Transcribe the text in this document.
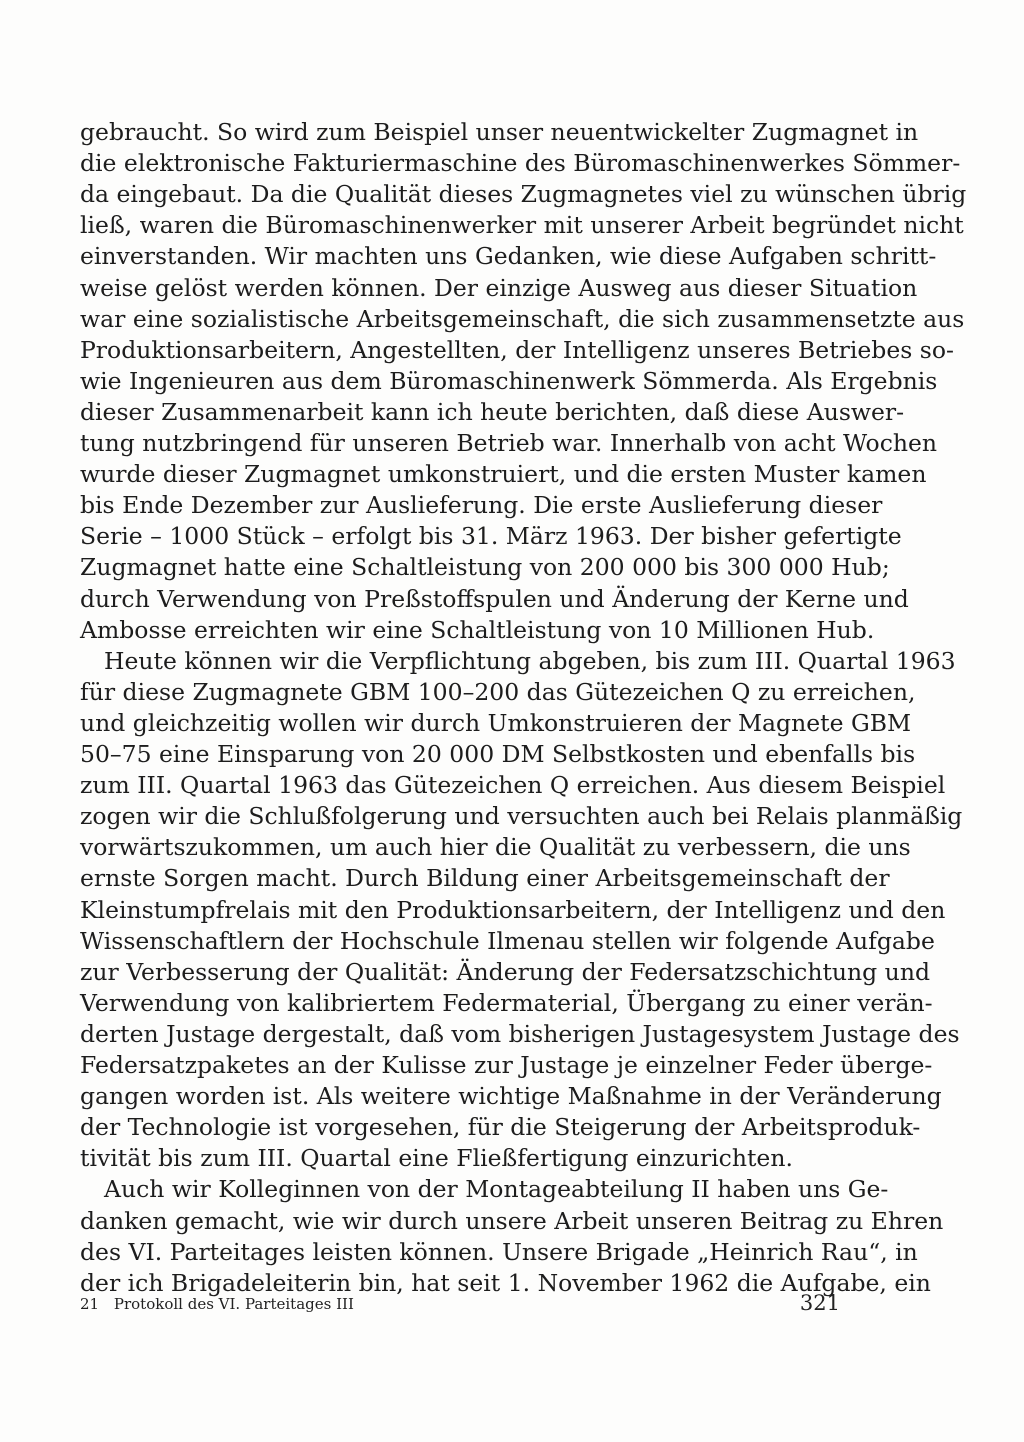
gebraucht. So wird zum Beispiel unser neuentwickelter Zugmagnet in
die elektronische Fakturiermaschine des Büromaschinenwerkes Sömmer-
da eingebaut. Da die Qualität dieses Zugmagnetes viel zu wünschen übrig
ließ, waren die Büromaschinenwerker mit unserer Arbeit begründet nicht
einverstanden. Wir machten uns Gedanken, wie diese Aufgaben schritt-
weise gelöst werden können. Der einzige Ausweg aus dieser Situation
war eine sozialistische Arbeitsgemeinschaft, die sich zusammensetzte aus
Produktionsarbeitern, Angestellten, der Intelligenz unseres Betriebes so-
wie Ingenieuren aus dem Büromaschinenwerk Sömmerda. Als Ergebnis
dieser Zusammenarbeit kann ich heute berichten, daß diese Auswer-
tung nutzbringend für unseren Betrieb war. Innerhalb von acht Wochen
wurde dieser Zugmagnet umkonstruiert, und die ersten Muster kamen
bis Ende Dezember zur Auslieferung. Die erste Auslieferung dieser
Serie – 1000 Stück – erfolgt bis 31. März 1963. Der bisher gefertigte
Zugmagnet hatte eine Schaltleistung von 200 000 bis 300 000 Hub;
durch Verwendung von Preßstoffspulen und Änderung der Kerne und
Ambosse erreichten wir eine Schaltleistung von 10 Millionen Hub.
Heute können wir die Verpflichtung abgeben, bis zum III. Quartal 1963
für diese Zugmagnete GBM 100–200 das Gütezeichen Q zu erreichen,
und gleichzeitig wollen wir durch Umkonstruieren der Magnete GBM
50–75 eine Einsparung von 20 000 DM Selbstkosten und ebenfalls bis
zum III. Quartal 1963 das Gütezeichen Q erreichen. Aus diesem Beispiel
zogen wir die Schlußfolgerung und versuchten auch bei Relais planmäßig
vorwärtszukommen, um auch hier die Qualität zu verbessern, die uns
ernste Sorgen macht. Durch Bildung einer Arbeitsgemeinschaft der
Kleinstumpfrelais mit den Produktionsarbeitern, der Intelligenz und den
Wissenschaftlern der Hochschule Ilmenau stellen wir folgende Aufgabe
zur Verbesserung der Qualität: Änderung der Federsatzschichtung und
Verwendung von kalibriertem Federmaterial, Übergang zu einer verän-
derten Justage dergestalt, daß vom bisherigen Justagesystem Justage des
Federsatzpaketes an der Kulisse zur Justage je einzelner Feder überge-
gangen worden ist. Als weitere wichtige Maßnahme in der Veränderung
der Technologie ist vorgesehen, für die Steigerung der Arbeitsproduk-
tivität bis zum III. Quartal eine Fließfertigung einzurichten.
Auch wir Kolleginnen von der Montageabteilung II haben uns Ge-
danken gemacht, wie wir durch unsere Arbeit unseren Beitrag zu Ehren
des VI. Parteitages leisten können. Unsere Brigade „Heinrich Rau“, in
der ich Brigadeleiterin bin, hat seit 1. November 1962 die Aufgabe, ein
21 Protokoll des VI. Parteitages III	321
